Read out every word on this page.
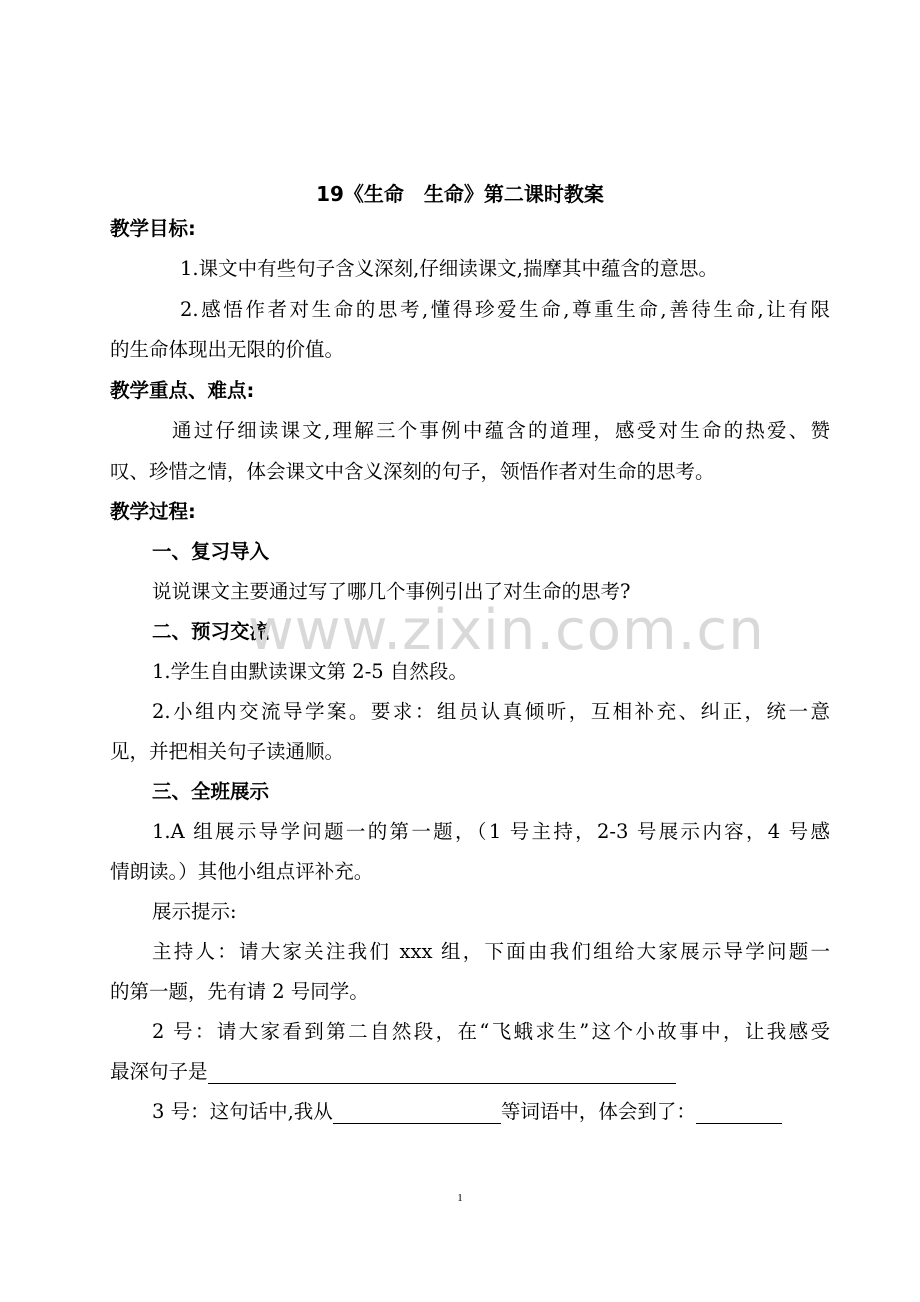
19《生命　生命》第二课时教案
教学目标:
1.课文中有些句子含义深刻,仔细读课文,揣摩其中蕴含的意思。
2.感悟作者对生命的思考,懂得珍爱生命,尊重生命,善待生命,让有限
的生命体现出无限的价值。
教学重点、难点:
通过仔细读课文,理解三个事例中蕴含的道理，感受对生命的热爱、赞
叹、珍惜之情，体会课文中含义深刻的句子，领悟作者对生命的思考。
教学过程:
一、复习导入
说说课文主要通过写了哪几个事例引出了对生命的思考?
二、预习交流
1.学生自由默读课文第 2-5 自然段。
2.小组内交流导学案。要求：组员认真倾听，互相补充、纠正，统一意
见，并把相关句子读通顺。
三、全班展示
1.A 组展示导学问题一的第一题，（1 号主持，2-3 号展示内容，4 号感
情朗读。）其他小组点评补充。
展示提示:
主持人：请大家关注我们 xxx 组，下面由我们组给大家展示导学问题一
的第一题，先有请 2 号同学。
2 号：请大家看到第二自然段，在“飞蛾求生”这个小故事中，让我感受
最深句子是
3 号：这句话中,我从	等词语中，体会到了：
www.zixin.com.cn
1
